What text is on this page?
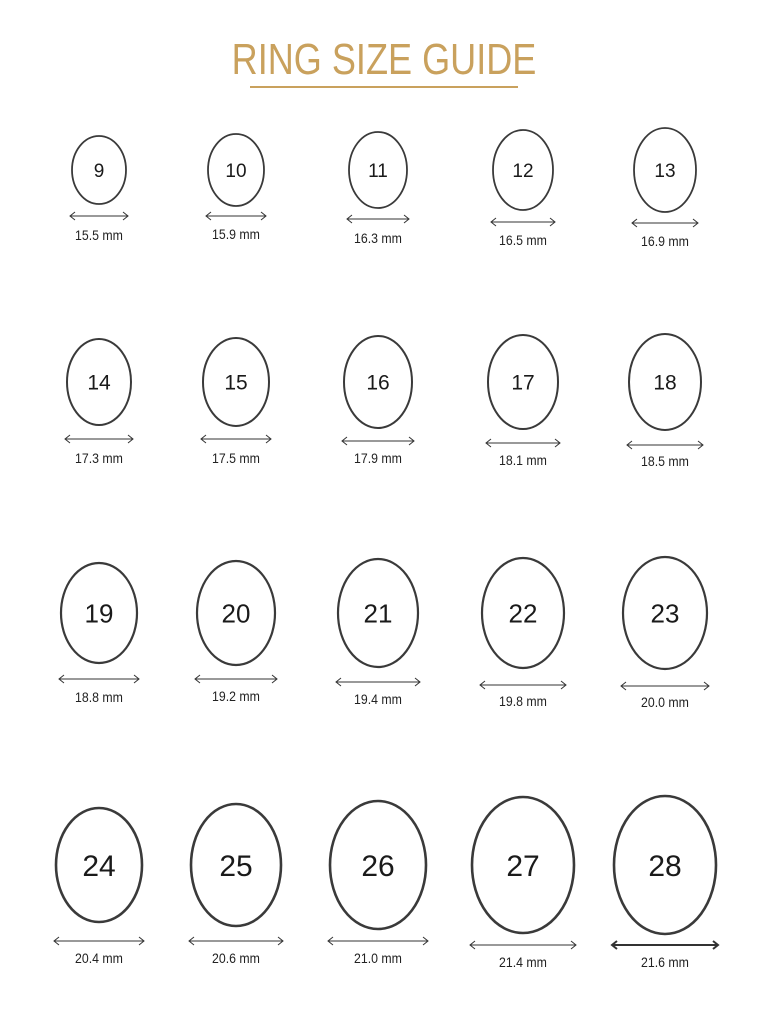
RING SIZE GUIDE
9
15.5 mm
10
15.9 mm
11
16.3 mm
12
16.5 mm
13
16.9 mm
14
17.3 mm
15
17.5 mm
16
17.9 mm
17
18.1 mm
18
18.5 mm
19
18.8 mm
20
19.2 mm
21
19.4 mm
22
19.8 mm
23
20.0 mm
24
20.4 mm
25
20.6 mm
26
21.0 mm
27
21.4 mm
28
21.6 mm
